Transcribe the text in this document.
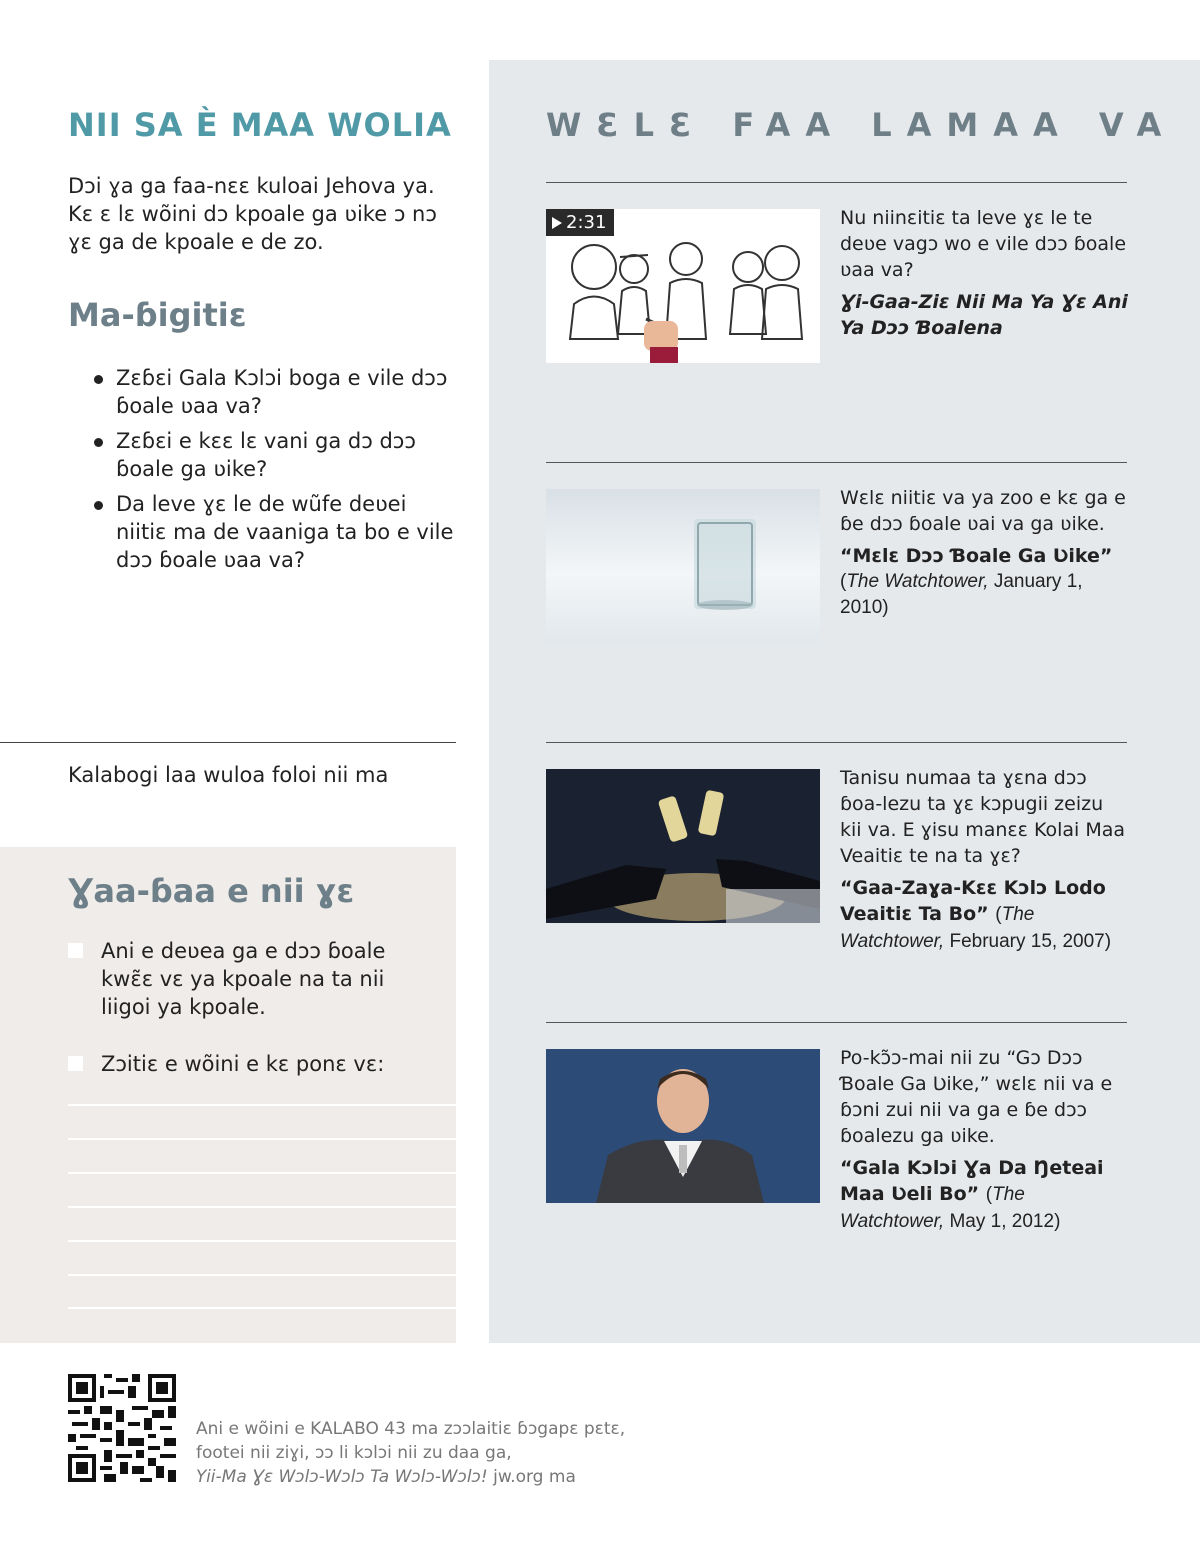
NII SA È MAA WOLIA

Dɔi ɣa ga faa-nɛɛ kuloai Jehova ya. Kɛ ɛ lɛ wõini dɔ kpoale ga ʋike ɔ nɔ ɣɛ ga de kpoale e de zo.

Ma-ɓigitiɛ
Zɛɓɛi Gala Kɔlɔi boga e vile dɔɔ ɓoale ʋaa va?
Zɛɓɛi e kɛɛ lɛ vani ga dɔ dɔɔ ɓoale ga ʋike?
Da leve ɣɛ le de wũfe deʋei niitiɛ ma de vaaniga ta bo e vile dɔɔ ɓoale ʋaa va?

Kalabogi laa wuloa foloi nii ma

Ɣaa-ɓaa e nii ɣɛ
Ani e deʋea ga e dɔɔ ɓoale kwɛ̃ɛ vɛ ya kpoale na ta nii liigoi ya kpoale.
Zɔitiɛ e wõini e kɛ ponɛ vɛ:
WƐLƐ FAA LAMAA VA
2:31	Nu niinɛitiɛ ta leve ɣɛ le te deʋe vagɔ wo e vile dɔɔ ɓoale ʋaa va?
Ɣi-Gaa-Ziɛ Nii Ma Ya Ɣɛ Ani Ya Dɔɔ Ɓoalena
Wɛlɛ niitiɛ va ya zoo e kɛ ga e ɓe dɔɔ ɓoale ʋai va ga ʋike.
“Mɛlɛ Dɔɔ Ɓoale Ga Ʋike”
(The Watchtower, January 1, 2010)
Tanisu numaa ta ɣɛna dɔɔ ɓoa-lezu ta ɣɛ kɔpugii zeizu kii va. E ɣisu manɛɛ Kolai Maa Veaitiɛ te na ta ɣɛ?
“Gaa-Zaɣa-Kɛɛ Kɔlɔ Lodo Veaitiɛ Ta Bo” (The Watchtower, February 15, 2007)
Po-kɔ̃ɔ-mai nii zu “Gɔ Dɔɔ Ɓoale Ga Ʋike,” wɛlɛ nii va e ɓɔni zui nii va ga e ɓe dɔɔ ɓoalezu ga ʋike.
“Gala Kɔlɔi Ɣa Da Ŋeteai Maa Ʋeli Bo” (The Watchtower, May 1, 2012)
Ani e wõini e KALABO 43 ma zɔɔlaitiɛ ɓɔgapɛ pɛtɛ,
footei nii ziɣi, ɔɔ li kɔlɔi nii zu daa ga,
Yii-Ma Ɣɛ Wɔlɔ-Wɔlɔ Ta Wɔlɔ-Wɔlɔ! jw.org ma
